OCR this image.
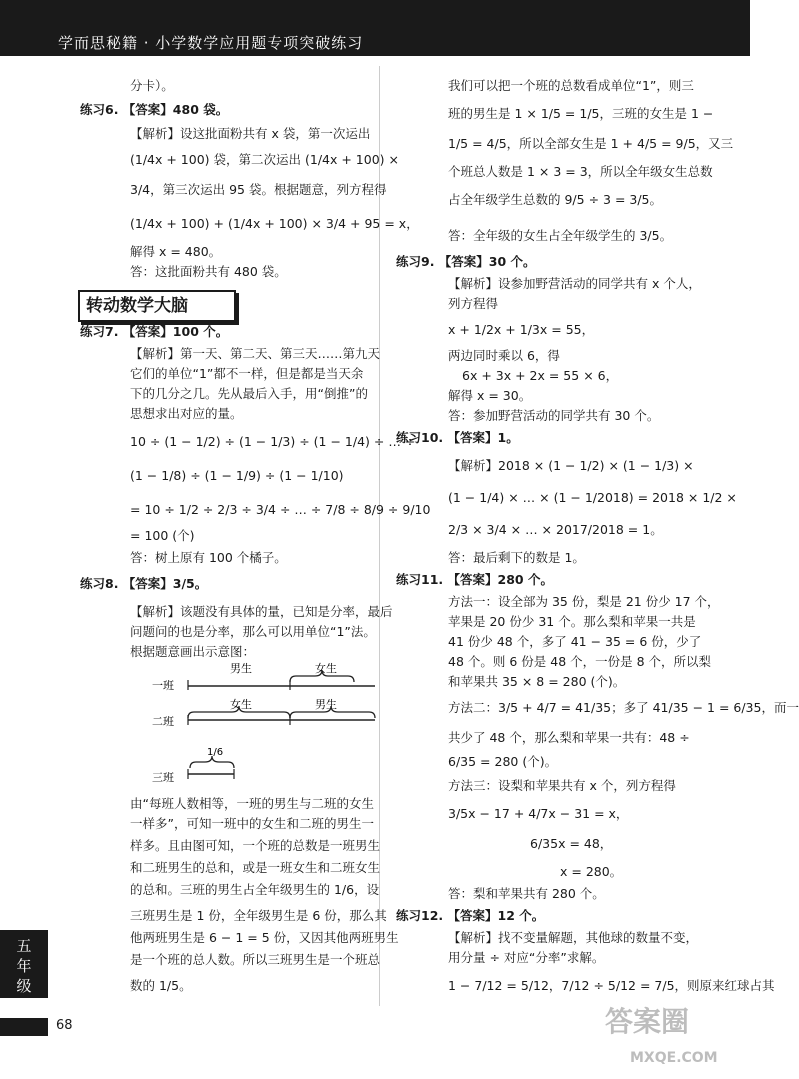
学而思秘籍 · 小学数学应用题专项突破练习
转动数学大脑
分卡）。
练习6. 【答案】480 袋。
【解析】设这批面粉共有 x 袋，第一次运出
(1/4x + 100) 袋，第二次运出 (1/4x + 100) ×
3/4，第三次运出 95 袋。根据题意，列方程得
(1/4x + 100) + (1/4x + 100) × 3/4 + 95 = x，
解得 x = 480。
答：这批面粉共有 480 袋。
练习7. 【答案】100 个。
【解析】第一天、第二天、第三天……第九天
它们的单位“1”都不一样，但是都是当天余
下的几分之几。先从最后入手，用“倒推”的
思想求出对应的量。
10 ÷ (1 − 1/2) ÷ (1 − 1/3) ÷ (1 − 1/4) ÷ … ÷
(1 − 1/8) ÷ (1 − 1/9) ÷ (1 − 1/10)
= 10 ÷ 1/2 ÷ 2/3 ÷ 3/4 ÷ … ÷ 7/8 ÷ 8/9 ÷ 9/10
= 100 (个)
答：树上原有 100 个橘子。
练习8. 【答案】3/5。
【解析】该题没有具体的量，已知是分率，最后
问题问的也是分率，那么可以用单位“1”法。
根据题意画出示意图：
男生	女生
一班
女生	男生
二班
1/6
三班
由“每班人数相等，一班的男生与二班的女生
一样多”，可知一班中的女生和二班的男生一
样多。且由图可知，一个班的总数是一班男生
和二班男生的总和，或是一班女生和二班女生
的总和。三班的男生占全年级男生的 1/6，设
三班男生是 1 份，全年级男生是 6 份，那么其
他两班男生是 6 − 1 = 5 份，又因其他两班男生
是一个班的总人数。所以三班男生是一个班总
数的 1/5。
我们可以把一个班的总数看成单位“1”，则三
班的男生是 1 × 1/5 = 1/5，三班的女生是 1 −
1/5 = 4/5，所以全部女生是 1 + 4/5 = 9/5，又三
个班总人数是 1 × 3 = 3，所以全年级女生总数
占全年级学生总数的 9/5 ÷ 3 = 3/5。
答：全年级的女生占全年级学生的 3/5。
练习9. 【答案】30 个。
【解析】设参加野营活动的同学共有 x 个人，
列方程得
x + 1/2x + 1/3x = 55，
两边同时乘以 6，得
6x + 3x + 2x = 55 × 6，
解得 x = 30。
答：参加野营活动的同学共有 30 个。
练习10. 【答案】1。
【解析】2018 × (1 − 1/2) × (1 − 1/3) ×
(1 − 1/4) × … × (1 − 1/2018) = 2018 × 1/2 ×
2/3 × 3/4 × … × 2017/2018 = 1。
答：最后剩下的数是 1。
练习11. 【答案】280 个。
方法一：设全部为 35 份，梨是 21 份少 17 个，
苹果是 20 份少 31 个。那么梨和苹果一共是
41 份少 48 个，多了 41 − 35 = 6 份，少了
48 个。则 6 份是 48 个，一份是 8 个，所以梨
和苹果共 35 × 8 = 280 (个)。
方法二：3/5 + 4/7 = 41/35；多了 41/35 − 1 = 6/35，而一
共少了 48 个，那么梨和苹果一共有：48 ÷
6/35 = 280 (个)。
方法三：设梨和苹果共有 x 个，列方程得
3/5x − 17 + 4/7x − 31 = x，
6/35x = 48，
x = 280。
答：梨和苹果共有 280 个。
练习12. 【答案】12 个。
【解析】找不变量解题，其他球的数量不变，
用分量 ÷ 对应“分率”求解。
1 − 7/12 = 5/12，7/12 ÷ 5/12 = 7/5，则原来红球占其
五年级
68	答案圈
MXQE.COM
